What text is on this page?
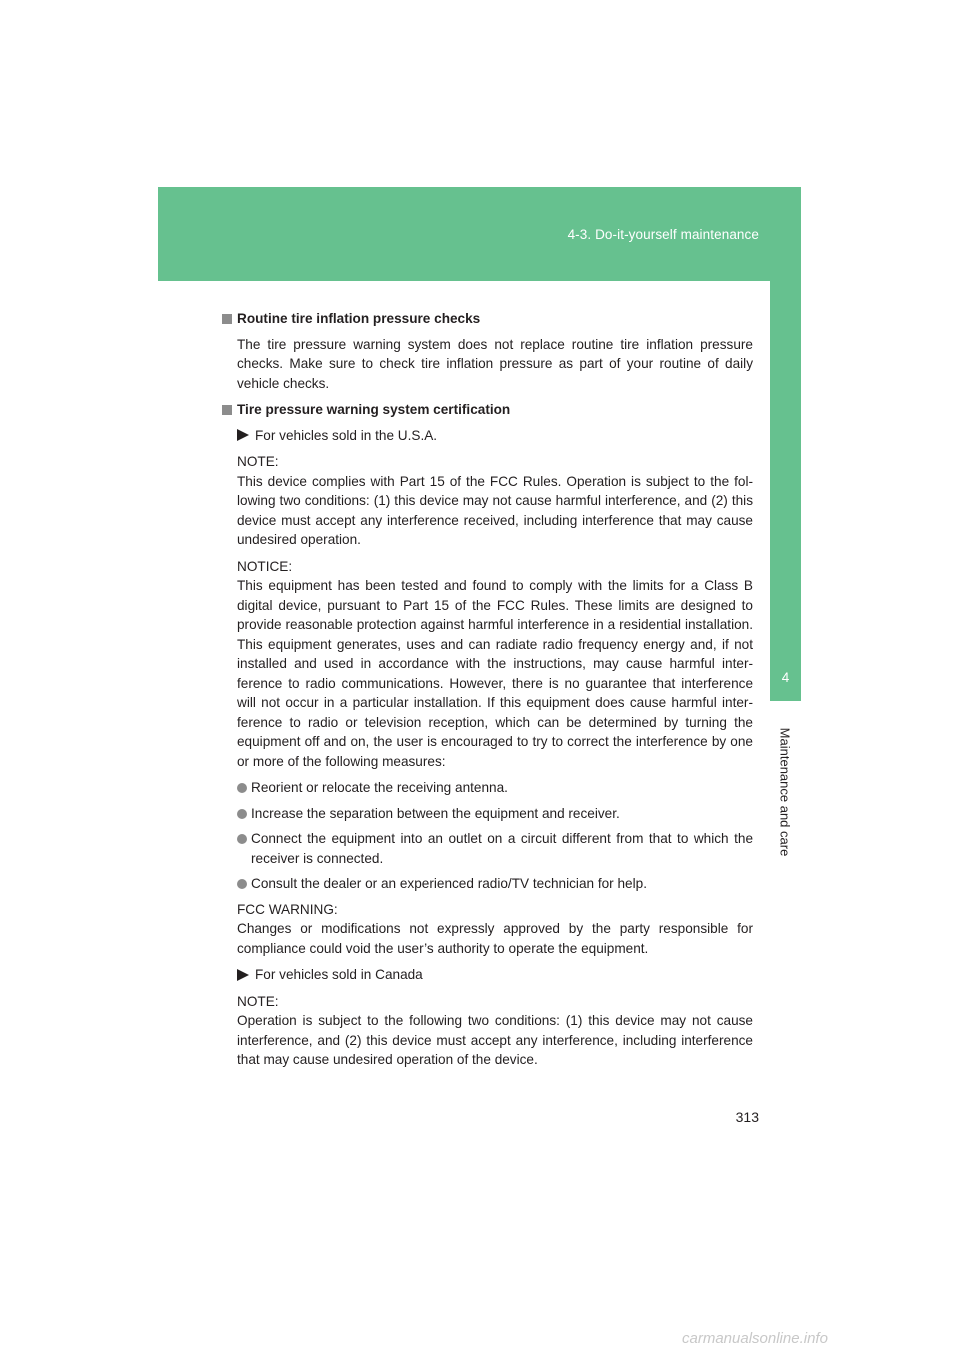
4-3. Do-it-yourself maintenance
4
Maintenance and care
Routine tire inflation pressure checks

The tire pressure warning system does not replace routine tire inflation pressure checks. Make sure to check tire inflation pressure as part of your routine of daily vehicle checks.

Tire pressure warning system certification
For vehicles sold in the U.S.A.

NOTE:
This device complies with Part 15 of the FCC Rules. Operation is subject to the following two conditions: (1) this device may not cause harmful interference, and (2) this device must accept any interference received, including interference that may cause undesired operation.

NOTICE:
This equipment has been tested and found to comply with the limits for a Class B digital device, pursuant to Part 15 of the FCC Rules. These limits are designed to provide reasonable protection against harmful interference in a residential installation. This equipment generates, uses and can radiate radio frequency energy and, if not installed and used in accordance with the instructions, may cause harmful interference to radio communications. However, there is no guarantee that interference will not occur in a particular installation. If this equipment does cause harmful interference to radio or television reception, which can be determined by turning the equipment off and on, the user is encouraged to try to correct the interference by one or more of the following measures:

Reorient or relocate the receiving antenna.
Increase the separation between the equipment and receiver.
Connect the equipment into an outlet on a circuit different from that to which the receiver is connected.
Consult the dealer or an experienced radio/TV technician for help.

FCC WARNING:
Changes or modifications not expressly approved by the party responsible for compliance could void the user’s authority to operate the equipment.

For vehicles sold in Canada

NOTE:
Operation is subject to the following two conditions: (1) this device may not cause interference, and (2) this device must accept any interference, including interference that may cause undesired operation of the device.

313
carmanualsonline.info
